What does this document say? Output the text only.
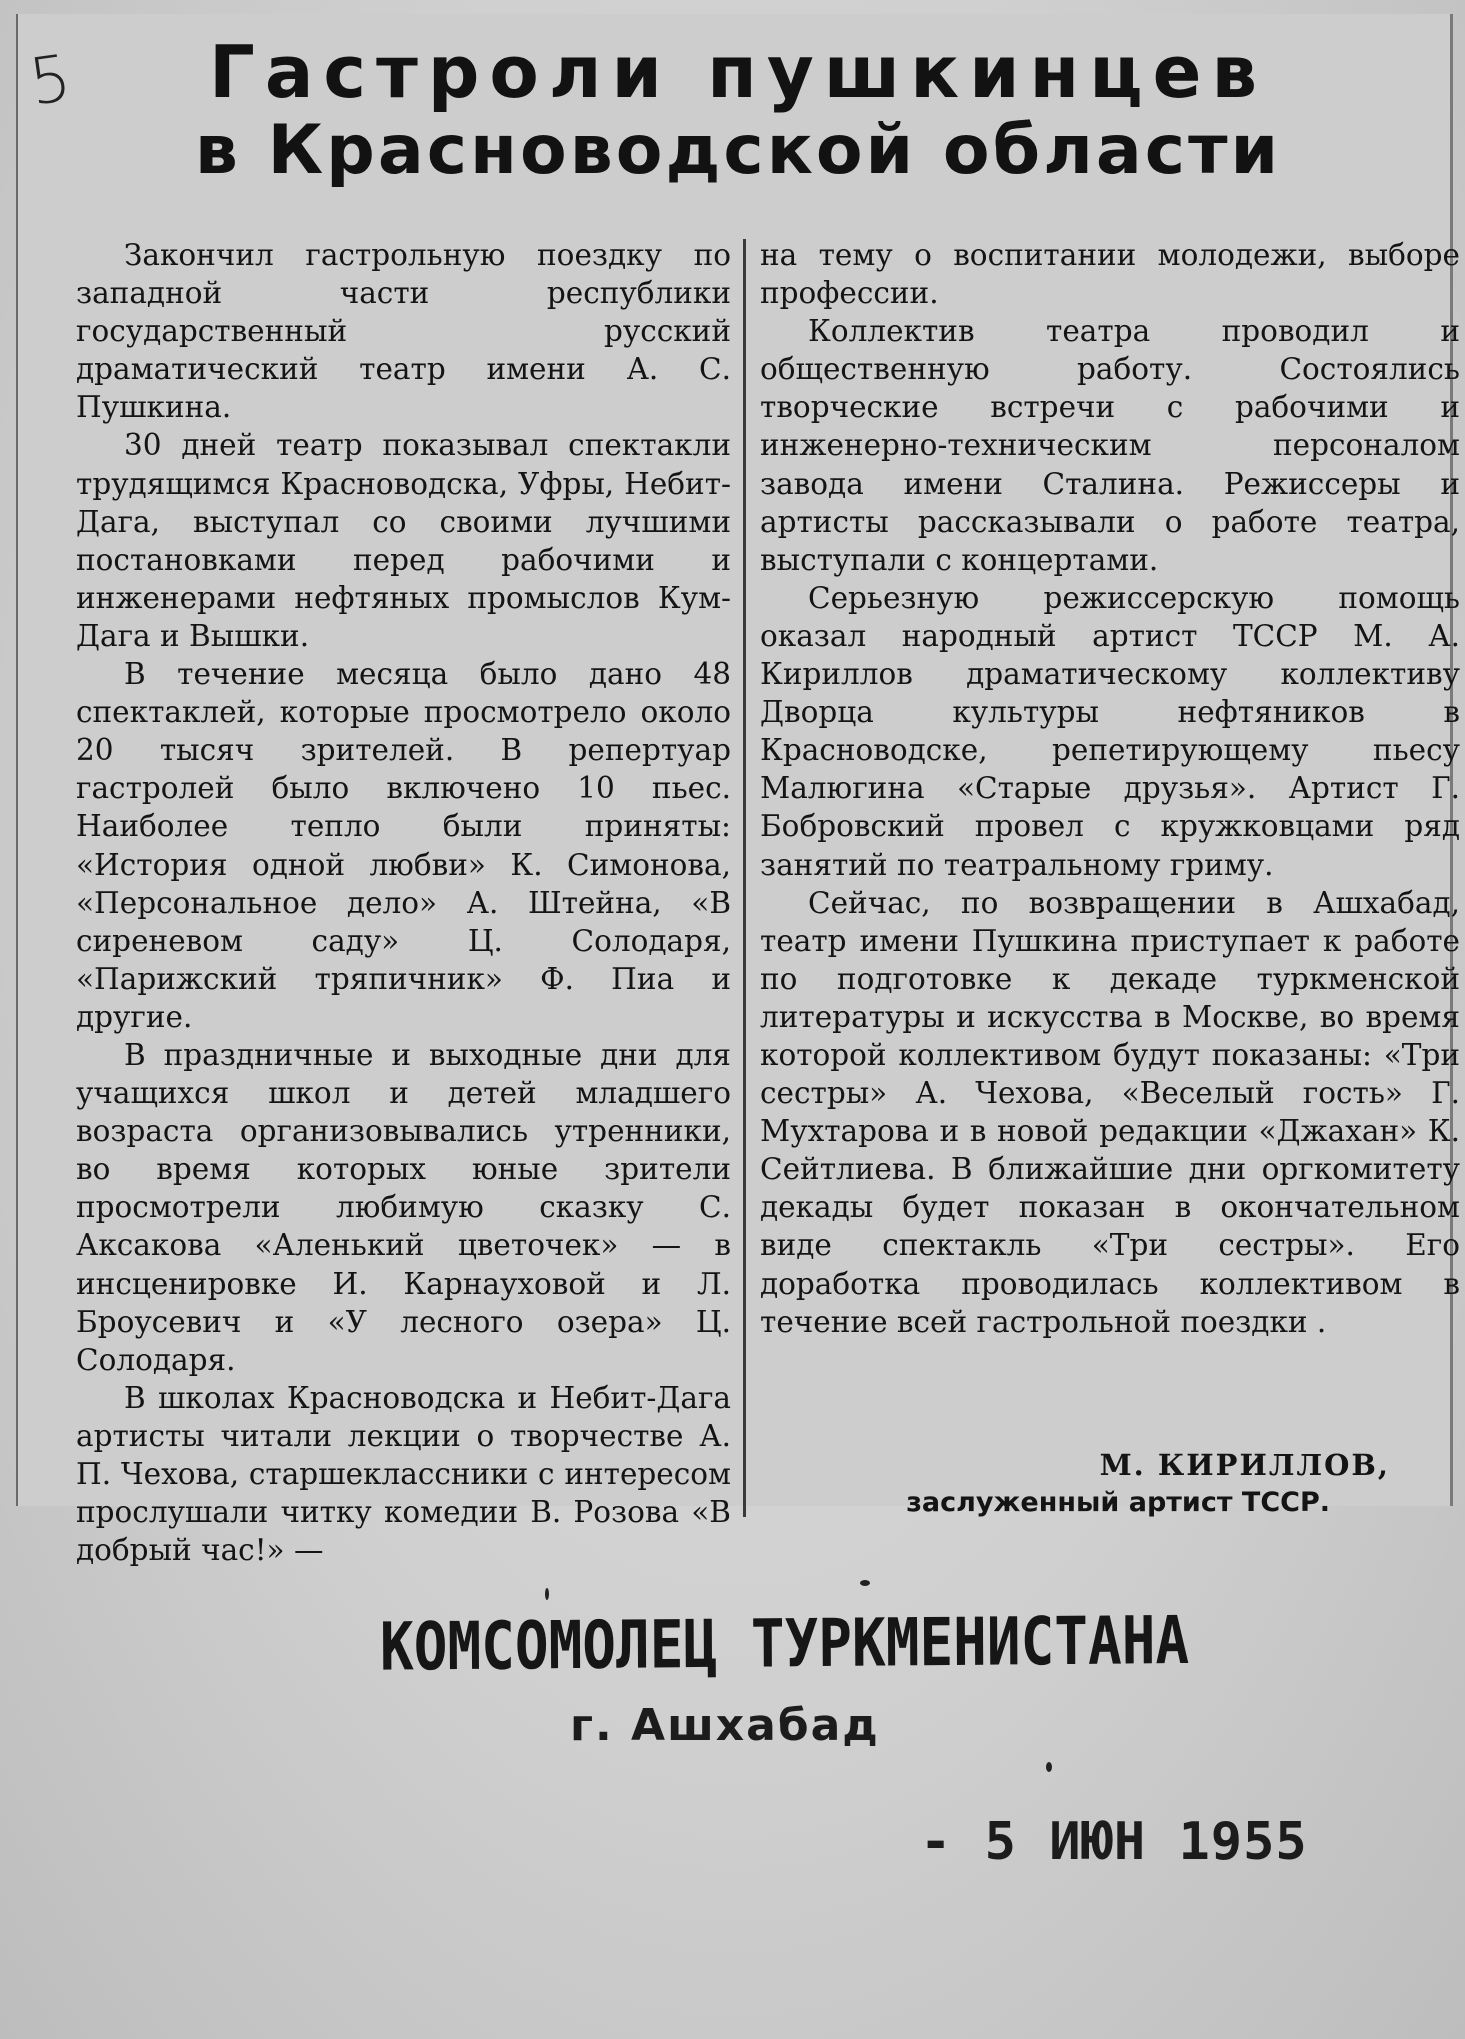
5	Гастроли пушкинцев
в Красноводской области

Закончил гастрольную поездку по западной части республики государственный русский драматический театр имени А. С. Пушкина.

30 дней театр показывал спектакли трудящимся Красноводска, Уфры, Небит-Дага, выступал со своими лучшими постановками перед рабочими и инженерами нефтяных промыслов Кум-Дага и Вышки.

В течение месяца было дано 48 спектаклей, которые просмотрело около 20 тысяч зрителей. В репертуар гастролей было включено 10 пьес. Наиболее тепло были приняты: «История одной любви» К. Симонова, «Персональное дело» А. Штейна, «В сиреневом саду» Ц. Солодаря, «Парижский тряпичник» Ф. Пиа и другие.

В праздничные и выходные дни для учащихся школ и детей младшего возраста организовывались утренники, во время которых юные зрители просмотрели любимую сказку С. Аксакова «Аленький цветочек» — в инсценировке И. Карнауховой и Л. Броусевич и «У лесного озера» Ц. Солодаря.

В школах Красноводска и Небит-Дага артисты читали лекции о творчестве А. П. Чехова, старшеклассники с интересом прослушали читку комедии В. Розова «В добрый час!» —

на тему о воспитании молодежи, выборе профессии.

Коллектив театра проводил и общественную работу. Состоялись творческие встречи с рабочими и инженерно-техническим персоналом завода имени Сталина. Режиссеры и артисты рассказывали о работе театра, выступали с концертами.

Серьезную режиссерскую помощь оказал народный артист ТССР М. А. Кириллов драматическому коллективу Дворца культуры нефтяников в Красноводске, репетирующему пьесу Малюгина «Старые друзья». Артист Г. Бобровский провел с кружковцами ряд занятий по театральному гриму.

Сейчас, по возвращении в Ашхабад, театр имени Пушкина приступает к работе по подготовке к декаде туркменской литературы и искусства в Москве, во время которой коллективом будут показаны: «Три сестры» А. Чехова, «Веселый гость» Г. Мухтарова и в новой редакции «Джахан» К. Сейтлиева. В ближайшие дни оргкомитету декады будет показан в окончательном виде спектакль «Три сестры». Его доработка проводилась коллективом в течение всей гастрольной поездки .

М. КИРИЛЛОВ,
заслуженный артист ТССР.
КОМСОМОЛЕЦ ТУРКМЕНИСТАНА
г. Ашхабад
- 5 ИЮН 1955
